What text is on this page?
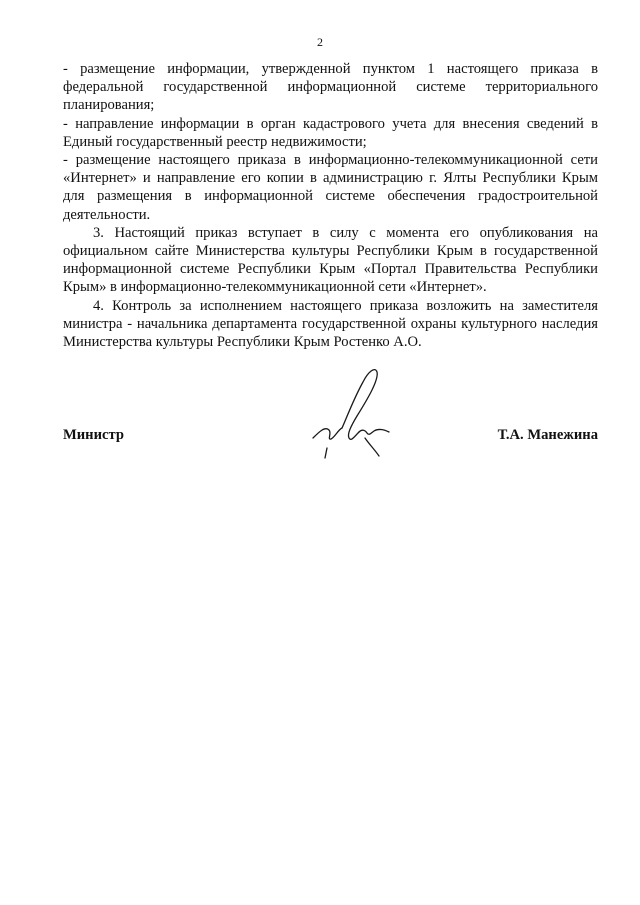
2

- размещение информации, утвержденной пунктом 1 настоящего приказа в федеральной государственной информационной системе территориального планирования;

- направление информации в орган кадастрового учета для внесения сведений в Единый государственный реестр недвижимости;

- размещение настоящего приказа в информационно-телекоммуникационной сети «Интернет» и направление его копии в администрацию г. Ялты Республики Крым для размещения в информационной системе обеспечения градостроительной деятельности.

3. Настоящий приказ вступает в силу с момента его опубликования на официальном сайте Министерства культуры Республики Крым в государственной информационной системе Республики Крым «Портал Правительства Республики Крым» в информационно-телекоммуникационной сети «Интернет».

4. Контроль за исполнением настоящего приказа возложить на заместителя министра - начальника департамента государственной охраны культурного наследия Министерства культуры Республики Крым Ростенко А.О.

Министр	Т.А. Манежина
